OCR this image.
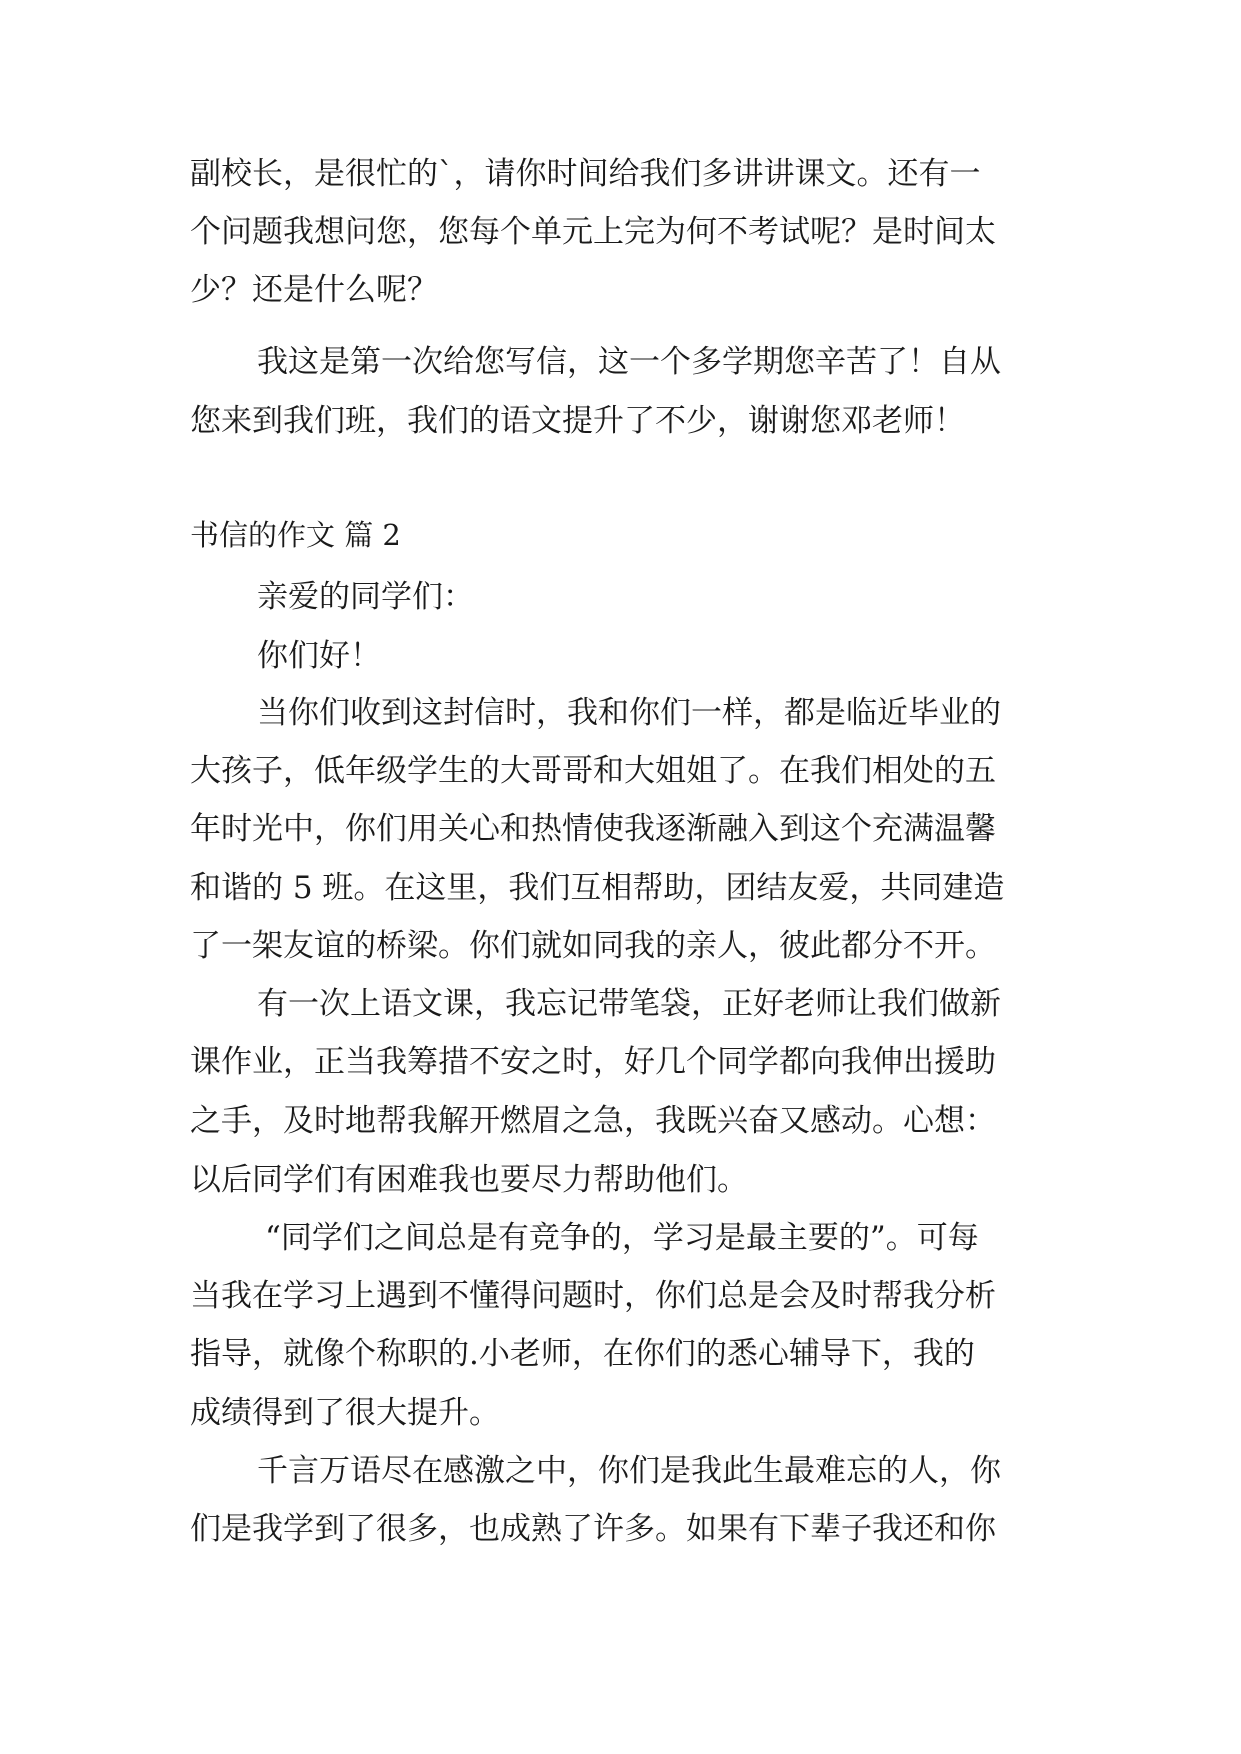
副校长，是很忙的`，请你时间给我们多讲讲课文。还有一
个问题我想问您，您每个单元上完为何不考试呢？是时间太
少？还是什么呢？
我这是第一次给您写信，这一个多学期您辛苦了！自从
您来到我们班，我们的语文提升了不少，谢谢您邓老师！
书信的作文 篇 2
亲爱的同学们：
你们好！
当你们收到这封信时，我和你们一样，都是临近毕业的
大孩子，低年级学生的大哥哥和大姐姐了。在我们相处的五
年时光中，你们用关心和热情使我逐渐融入到这个充满温馨
和谐的 5 班。在这里，我们互相帮助，团结友爱，共同建造
了一架友谊的桥梁。你们就如同我的亲人，彼此都分不开。
有一次上语文课，我忘记带笔袋，正好老师让我们做新
课作业，正当我筹措不安之时，好几个同学都向我伸出援助
之手，及时地帮我解开燃眉之急，我既兴奋又感动。心想：
以后同学们有困难我也要尽力帮助他们。
“同学们之间总是有竞争的，学习是最主要的”。可每
当我在学习上遇到不懂得问题时，你们总是会及时帮我分析
指导，就像个称职的.小老师，在你们的悉心辅导下，我的
成绩得到了很大提升。
千言万语尽在感激之中，你们是我此生最难忘的人，你
们是我学到了很多，也成熟了许多。如果有下辈子我还和你
